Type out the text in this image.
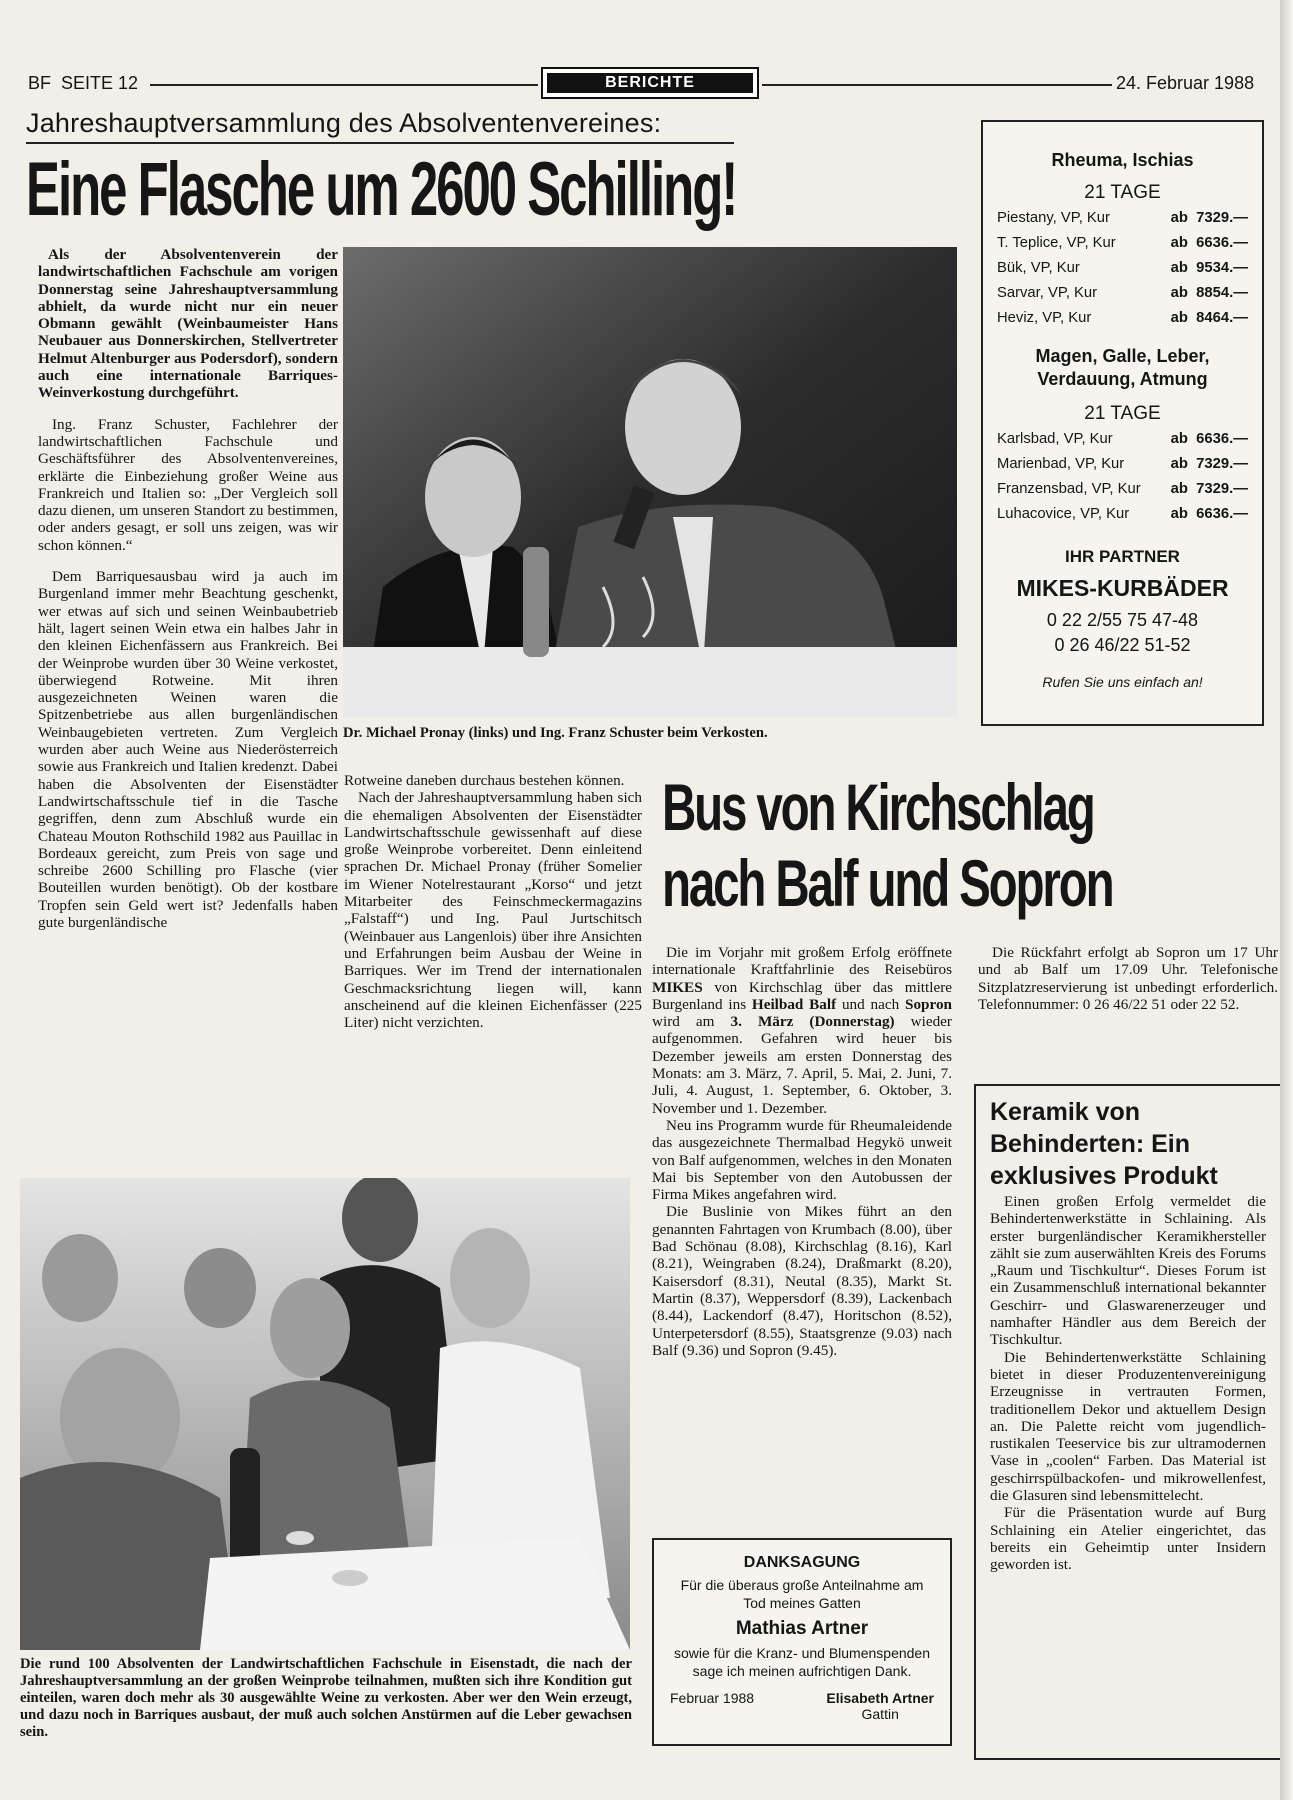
BF  SEITE 12	BERICHTE	24. Februar 1988
Jahreshauptversammlung des Absolventenvereines:
Eine Flasche um 2600 Schilling!

Als der Absolventenverein der landwirtschaftlichen Fachschule am vorigen Donnerstag seine Jahreshauptversammlung abhielt, da wurde nicht nur ein neuer Obmann gewählt (Weinbaumeister Hans Neubauer aus Donnerskirchen, Stellvertreter Helmut Altenburger aus Podersdorf), sondern auch eine internationale Barriques-Weinverkostung durchgeführt.

Ing. Franz Schuster, Fachlehrer der landwirtschaftlichen Fachschule und Geschäftsführer des Absolventenvereines, erklärte die Einbeziehung großer Weine aus Frankreich und Italien so: „Der Vergleich soll dazu dienen, um unseren Standort zu bestimmen, oder anders gesagt, er soll uns zeigen, was wir schon können.“

Dem Barriquesausbau wird ja auch im Burgenland immer mehr Beachtung geschenkt, wer etwas auf sich und seinen Weinbaubetrieb hält, lagert seinen Wein etwa ein halbes Jahr in den kleinen Eichenfässern aus Frankreich. Bei der Weinprobe wurden über 30 Weine verkostet, überwiegend Rotweine. Mit ihren ausgezeichneten Weinen waren die Spitzenbetriebe aus allen burgenländischen Weinbaugebieten vertreten. Zum Vergleich wurden aber auch Weine aus Niederösterreich sowie aus Frankreich und Italien kredenzt. Dabei haben die Absolventen der Eisenstädter Landwirtschaftsschule tief in die Tasche gegriffen, denn zum Abschluß wurde ein Chateau Mouton Rothschild 1982 aus Pauillac in Bordeaux gereicht, zum Preis von sage und schreibe 2600 Schilling pro Flasche (vier Bouteillen wurden benötigt). Ob der kostbare Tropfen sein Geld wert ist? Jedenfalls haben gute burgenländische

Dr. Michael Pronay (links) und Ing. Franz Schuster beim Verkosten.

Rotweine daneben durchaus bestehen können.

Nach der Jahreshauptversammlung haben sich die ehemaligen Absolventen der Eisenstädter Landwirtschaftsschule gewissenhaft auf diese große Weinprobe vorbereitet. Denn einleitend sprachen Dr. Michael Pronay (früher Somelier im Wiener Notelrestaurant „Korso“ und jetzt Mitarbeiter des Feinschmeckermagazins „Falstaff“) und Ing. Paul Jurtschitsch (Weinbauer aus Langenlois) über ihre Ansichten und Erfahrungen beim Ausbau der Weine in Barriques. Wer im Trend der internationalen Geschmacksrichtung liegen will, kann anscheinend auf die kleinen Eichenfässer (225 Liter) nicht verzichten.

Die rund 100 Absolventen der Landwirtschaftlichen Fachschule in Eisenstadt, die nach der Jahreshauptversammlung an der großen Weinprobe teilnahmen, mußten sich ihre Kondition gut einteilen, waren doch mehr als 30 ausgewählte Weine zu verkosten. Aber wer den Wein erzeugt, und dazu noch in Barriques ausbaut, der muß auch solchen Anstürmen auf die Leber gewachsen sein.
Rheuma, Ischias
21 TAGE
Piestany, VP, Kur	ab  7329.—
T. Teplice, VP, Kur	ab  6636.—
Bük, VP, Kur	ab  9534.—
Sarvar, VP, Kur	ab  8854.—
Heviz, VP, Kur	ab  8464.—
Magen, Galle, Leber,
Verdauung, Atmung
21 TAGE
Karlsbad, VP, Kur	ab  6636.—
Marienbad, VP, Kur	ab  7329.—
Franzensbad, VP, Kur ab  7329.—
Luhacovice, VP, Kur	ab  6636.—
IHR PARTNER
MIKES-KURBÄDER
0 22 2/55 75 47-48
0 26 46/22 51-52
Rufen Sie uns einfach an!
Bus von Kirchschlag
nach Balf und Sopron

Die im Vorjahr mit großem Erfolg eröffnete internationale Kraftfahrlinie des Reisebüros MIKES von Kirchschlag über das mittlere Burgenland ins Heilbad Balf und nach Sopron wird am 3. März (Donnerstag) wieder aufgenommen. Gefahren wird heuer bis Dezember jeweils am ersten Donnerstag des Monats: am 3. März, 7. April, 5. Mai, 2. Juni, 7. Juli, 4. August, 1. September, 6. Oktober, 3. November und 1. Dezember.

Neu ins Programm wurde für Rheumaleidende das ausgezeichnete Thermalbad Hegykö unweit von Balf aufgenommen, welches in den Monaten Mai bis September von den Autobussen der Firma Mikes angefahren wird.

Die Buslinie von Mikes führt an den genannten Fahrtagen von Krumbach (8.00), über Bad Schönau (8.08), Kirchschlag (8.16), Karl (8.21), Weingraben (8.24), Draßmarkt (8.20), Kaisersdorf (8.31), Neutal (8.35), Markt St. Martin (8.37), Weppersdorf (8.39), Lackenbach (8.44), Lackendorf (8.47), Horitschon (8.52), Unterpetersdorf (8.55), Staatsgrenze (9.03) nach Balf (9.36) und Sopron (9.45).

Die Rückfahrt erfolgt ab Sopron um 17 Uhr und ab Balf um 17.09 Uhr. Telefonische Sitzplatzreservierung ist unbedingt erforderlich. Telefonnummer: 0 26 46/22 51 oder 22 52.

DANKSAGUNG
Für die überaus große Anteilnahme am Tod meines Gatten
Mathias Artner
sowie für die Kranz- und Blumenspenden sage ich meinen aufrichtigen Dank.
Februar 1988	Elisabeth Artner
Gattin
Keramik von
Behinderten: Ein
exklusives Produkt

Einen großen Erfolg vermeldet die Behindertenwerkstätte in Schlaining. Als erster burgenländischer Keramikhersteller zählt sie zum auserwählten Kreis des Forums „Raum und Tischkultur“. Dieses Forum ist ein Zusammenschluß international bekannter Geschirr- und Glaswarenerzeuger und namhafter Händler aus dem Bereich der Tischkultur.

Die Behindertenwerkstätte Schlaining bietet in dieser Produzentenvereinigung Erzeugnisse in vertrauten Formen, traditionellem Dekor und aktuellem Design an. Die Palette reicht vom jugendlich-rustikalen Teeservice bis zur ultramodernen Vase in „coolen“ Farben. Das Material ist geschirrspülbackofen- und mikrowellenfest, die Glasuren sind lebensmittelecht.

Für die Präsentation wurde auf Burg Schlaining ein Atelier eingerichtet, das bereits ein Geheimtip unter Insidern geworden ist.
